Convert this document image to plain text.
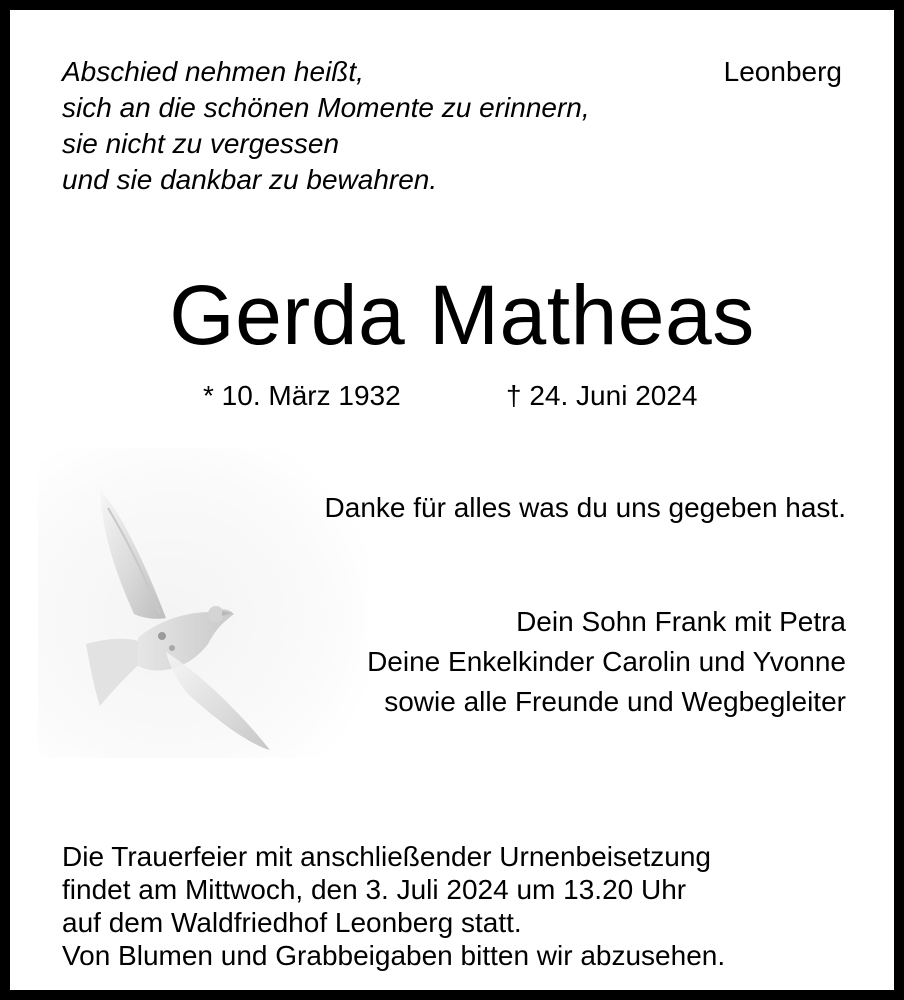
Abschied nehmen heißt,
sich an die schönen Momente zu erinnern,
sie nicht zu vergessen
und sie dankbar zu bewahren.
Leonberg
Gerda Matheas
* 10. März 1932	† 24. Juni 2024
Danke für alles was du uns gegeben hast.
Dein Sohn Frank mit Petra
Deine Enkelkinder Carolin und Yvonne
sowie alle Freunde und Wegbegleiter
Die Trauerfeier mit anschließender Urnenbeisetzung
findet am Mittwoch, den 3. Juli 2024 um 13.20 Uhr
auf dem Waldfriedhof Leonberg statt.
Von Blumen und Grabbeigaben bitten wir abzusehen.
